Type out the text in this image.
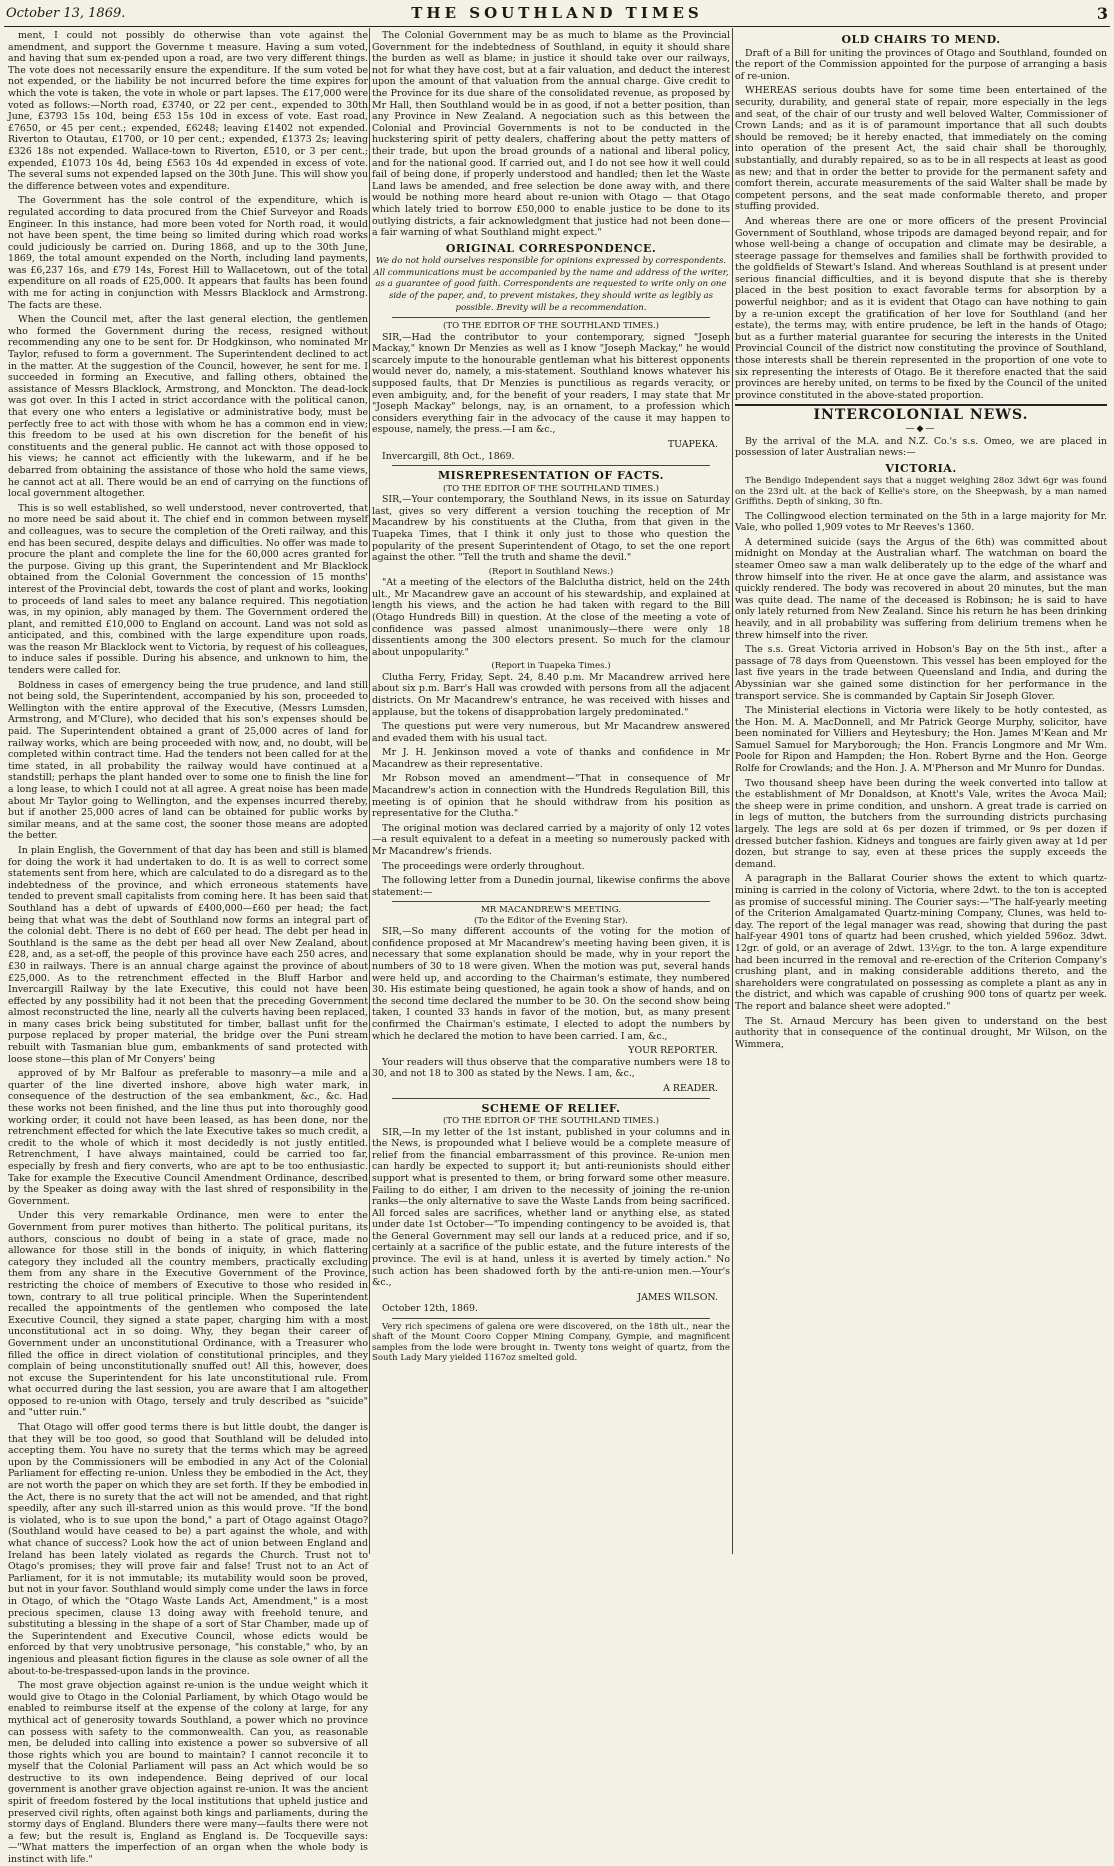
October 13, 1869.	THE SOUTHLAND TIMES	3

ment, I could not possibly do otherwise than vote against the amendment, and support the Governme t measure. Having a sum voted, and having that sum ex-pended upon a road, are two very different things. The vote does not necessarily ensure the expenditure. If the sum voted be not expended, or the liability be not incurred before the time expires for which the vote is taken, the vote in whole or part lapses. The £17,000 were voted as follows:—North road, £3740, or 22 per cent., expended to 30th June, £3793 15s 10d, being £53 15s 10d in excess of vote. East road, £7650, or 45 per cent.; expended, £6248; leaving £1402 not expended. Riverton to Otautau, £1700, or 10 per cent.; expended, £1373 2s; leaving £326 18s not expended. Wallace-town to Riverton, £510, or 3 per cent.; expended, £1073 10s 4d, being £563 10s 4d expended in excess of vote. The several sums not expended lapsed on the 30th June. This will show you the difference between votes and expenditure.

The Government has the sole control of the expenditure, which is regulated according to data procured from the Chief Surveyor and Roads Engineer. In this instance, had more been voted for North road, it would not have been spent, the time being so limited during which road works could judiciously be carried on. During 1868, and up to the 30th June, 1869, the total amount expended on the North, including land payments, was £6,237 16s, and £79 14s, Forest Hill to Wallacetown, out of the total expenditure on all roads of £25,000. It appears that faults has been found with me for acting in conjunction with Messrs Blacklock and Armstrong. The facts are these.

When the Council met, after the last general election, the gentlemen who formed the Government during the recess, resigned without recommending any one to be sent for. Dr Hodgkinson, who nominated Mr Taylor, refused to form a government. The Superintendent declined to act in the matter. At the suggestion of the Council, however, he sent for me. I succeeded in forming an Executive, and falling others, obtained the assistance of Messrs Blacklock, Armstrong, and Monckton. The dead-lock was got over. In this I acted in strict accordance with the political canon, that every one who enters a legislative or administrative body, must be perfectly free to act with those with whom he has a common end in view; this freedom to be used at his own discretion for the benefit of his constituents and the general public. He cannot act with those opposed to his views; he cannot act efficiently with the lukewarm, and if he be debarred from obtaining the assistance of those who hold the same views, he cannot act at all. There would be an end of carrying on the functions of local government altogether.

This is so well established, so well understood, never controverted, that no more need be said about it. The chief end in common between myself and colleagues, was to secure the completion of the Oreti railway, and this end has been secured, despite delays and difficulties. No offer was made to procure the plant and complete the line for the 60,000 acres granted for the purpose. Giving up this grant, the Superintendent and Mr Blacklock obtained from the Colonial Government the concession of 15 months' interest of the Provincial debt, towards the cost of plant and works, looking to proceeds of land sales to meet any balance required. This negotiation was, in my opinion, ably managed by them. The Government ordered the plant, and remitted £10,000 to England on account. Land was not sold as anticipated, and this, combined with the large expenditure upon roads, was the reason Mr Blacklock went to Victoria, by request of his colleagues, to induce sales if possible. During his absence, and unknown to him, the tenders were called for.

Boldness in cases of emergency being the true prudence, and land still not being sold, the Superintendent, accompanied by his son, proceeded to Wellington with the entire approval of the Executive, (Messrs Lumsden, Armstrong, and M'Clure), who decided that his son's expenses should be paid. The Superintendent obtained a grant of 25,000 acres of land for railway works, which are being proceeded with now, and, no doubt, will be completed within contract time. Had the tenders not been called for at the time stated, in all probability the railway would have continued at a standstill; perhaps the plant handed over to some one to finish the line for a long lease, to which I could not at all agree. A great noise has been made about Mr Taylor going to Wellington, and the expenses incurred thereby, but if another 25,000 acres of land can be obtained for public works by similar means, and at the same cost, the sooner those means are adopted the better.

In plain English, the Government of that day has been and still is blamed for doing the work it had undertaken to do. It is as well to correct some statements sent from here, which are calculated to do a disregard as to the indebtedness of the province, and which erroneous statements have tended to prevent small capitalists from coming here. It has been said that Southland has a debt of upwards of £400,000—£60 per head; the fact being that what was the debt of Southland now forms an integral part of the colonial debt. There is no debt of £60 per head. The debt per head in Southland is the same as the debt per head all over New Zealand, about £28, and, as a set-off, the people of this province have each 250 acres, and £30 in railways. There is an annual charge against the province of about £25,000. As to the retrenchment effected in the Bluff Harbor and Invercargill Railway by the late Executive, this could not have been effected by any possibility had it not been that the preceding Government almost reconstructed the line, nearly all the culverts having been replaced, in many cases brick being substituted for timber, ballast unfit for the purpose replaced by proper material, the bridge over the Puni stream rebuilt with Tasmanian blue gum, embankments of sand protected with loose stone—this plan of Mr Conyers' being

approved of by Mr Balfour as preferable to masonry—a mile and a quarter of the line diverted inshore, above high water mark, in consequence of the destruction of the sea embankment, &c., &c. Had these works not been finished, and the line thus put into thoroughly good working order, it could not have been leased, as has been done, nor the retrenchment effected for which the late Executive takes so much credit, a credit to the whole of which it most decidedly is not justly entitled. Retrenchment, I have always maintained, could be carried too far, especially by fresh and fiery converts, who are apt to be too enthusiastic. Take for example the Executive Council Amendment Ordinance, described by the Speaker as doing away with the last shred of responsibility in the Government.

Under this very remarkable Ordinance, men were to enter the Government from purer motives than hitherto. The political puritans, its authors, conscious no doubt of being in a state of grace, made no allowance for those still in the bonds of iniquity, in which flattering category they included all the country members, practically excluding them from any share in the Executive Government of the Province, restricting the choice of members of Executive to those who resided in town, contrary to all true political principle. When the Superintendent recalled the appointments of the gentlemen who composed the late Executive Council, they signed a state paper, charging him with a most unconstitutional act in so doing. Why, they began their career of Government under an unconstitutional Ordinance, with a Treasurer who filled the office in direct violation of constitutional principles, and they complain of being unconstitutionally snuffed out! All this, however, does not excuse the Superintendent for his late unconstitutional rule. From what occurred during the last session, you are aware that I am altogether opposed to re-union with Otago, tersely and truly described as "suicide" and "utter ruin."

That Otago will offer good terms there is but little doubt, the danger is that they will be too good, so good that Southland will be deluded into accepting them. You have no surety that the terms which may be agreed upon by the Commissioners will be embodied in any Act of the Colonial Parliament for effecting re-union. Unless they be embodied in the Act, they are not worth the paper on which they are set forth. If they be embodied in the Act, there is no surety that the act will not be amended, and that right speedily, after any such ill-starred union as this would prove. "If the bond is violated, who is to sue upon the bond," a part of Otago against Otago? (Southland would have ceased to be) a part against the whole, and with what chance of success? Look how the act of union between England and Ireland has been lately violated as regards the Church. Trust not to Otago's promises; they will prove fair and false! Trust not to an Act of Parliament, for it is not immutable; its mutability would soon be proved, but not in your favor. Southland would simply come under the laws in force in Otago, of which the "Otago Waste Lands Act, Amendment," is a most precious specimen, clause 13 doing away with freehold tenure, and substituting a blessing in the shape of a sort of Star Chamber, made up of the Superintendent and Executive Council, whose edicts would be enforced by that very unobtrusive personage, "his constable," who, by an ingenious and pleasant fiction figures in the clause as sole owner of all the about-to-be-trespassed-upon lands in the province.

The most grave objection against re-union is the undue weight which it would give to Otago in the Colonial Parliament, by which Otago would be enabled to reimburse itself at the expense of the colony at large, for any mythical act of generosity towards Southland, a power which no province can possess with safety to the commonwealth. Can you, as reasonable men, be deluded into calling into existence a power so subversive of all those rights which you are bound to maintain? I cannot reconcile it to myself that the Colonial Parliament will pass an Act which would be so destructive to its own independence. Being deprived of our local government is another grave objection against re-union. It was the ancient spirit of freedom fostered by the local institutions that upheld justice and preserved civil rights, often against both kings and parliaments, during the stormy days of England. Blunders there were many—faults there were not a few; but the result is, England as England is. De Tocqueville says:—"What matters the imperfection of an organ when the whole body is instinct with life."

The Colonial Government may be as much to blame as the Provincial Government for the indebtedness of Southland, in equity it should share the burden as well as blame; in justice it should take over our railways, not for what they have cost, but at a fair valuation, and deduct the interest upon the amount of that valuation from the annual charge. Give credit to the Province for its due share of the consolidated revenue, as proposed by Mr Hall, then Southland would be in as good, if not a better position, than any Province in New Zealand. A negociation such as this between the Colonial and Provincial Governments is not to be conducted in the huckstering spirit of petty dealers, chaffering about the petty matters of their trade, but upon the broad grounds of a national and liberal policy, and for the national good. If carried out, and I do not see how it well could fail of being done, if properly understood and handled; then let the Waste Land laws be amended, and free selection be done away with, and there would be nothing more heard about re-union with Otago — that Otago which lately tried to borrow £50,000 to enable justice to be done to its outlying districts, a fair acknowledgment that justice had not been done—a fair warning of what Southland might expect."

ORIGINAL CORRESPONDENCE.
We do not hold ourselves responsible for opinions expressed by correspondents. All communications must be accompanied by the name and address of the writer, as a guarantee of good faith. Correspondents are requested to write only on one side of the paper, and, to prevent mistakes, they should write as legibly as possible. Brevity will be a recommendation.
(TO THE EDITOR OF THE SOUTHLAND TIMES.)

SIR,—Had the contributor to your contemporary, signed "Joseph Mackay," known Dr Menzies as well as I know "Joseph Mackay," he would scarcely impute to the honourable gentleman what his bitterest opponents would never do, namely, a mis-statement. Southland knows whatever his supposed faults, that Dr Menzies is punctilious as regards veracity, or even ambiguity, and, for the benefit of your readers, I may state that Mr "Joseph Mackay" belongs, nay, is an ornament, to a profession which considers everything fair in the advocacy of the cause it may happen to espouse, namely, the press.—I am &c.,

TUAPEKA.

Invercargill, 8th Oct., 1869.

MISREPRESENTATION OF FACTS.
(TO THE EDITOR OF THE SOUTHLAND TIMES.)

SIR,—Your contemporary, the Southland News, in its issue on Saturday last, gives so very different a version touching the reception of Mr Macandrew by his constituents at the Clutha, from that given in the Tuapeka Times, that I think it only just to those who question the popularity of the present Superintendent of Otago, to set the one report against the other. "Tell the truth and shame the devil."

(Report in Southland News.)

"At a meeting of the electors of the Balclutha district, held on the 24th ult., Mr Macandrew gave an account of his stewardship, and explained at length his views, and the action he had taken with regard to the Bill (Otago Hundreds Bill) in question. At the close of the meeting a vote of confidence was passed almost unanimously—there were only 18 dissentients among the 300 electors present. So much for the clamour about unpopularity."

(Report in Tuapeka Times.)

Clutha Ferry, Friday, Sept. 24, 8.40 p.m. Mr Macandrew arrived here about six p.m. Barr's Hall was crowded with persons from all the adjacent districts. On Mr Macandrew's entrance, he was received with hisses and applause, but the tokens of disapprobation largely predominated."

The questions put were very numerous, but Mr Macandrew answered and evaded them with his usual tact.

Mr J. H. Jenkinson moved a vote of thanks and confidence in Mr Macandrew as their representative.

Mr Robson moved an amendment—"That in consequence of Mr Macandrew's action in connection with the Hundreds Regulation Bill, this meeting is of opinion that he should withdraw from his position as representative for the Clutha."

The original motion was declared carried by a majority of only 12 votes—a result equivalent to a defeat in a meeting so numerously packed with Mr Macandrew's friends.

The proceedings were orderly throughout.

The following letter from a Dunedin journal, likewise confirms the above statement:—

MR MACANDREW'S MEETING.
(To the Editor of the Evening Star).

SIR,—So many different accounts of the voting for the motion of confidence proposed at Mr Macandrew's meeting having been given, it is necessary that some explanation should be made, why in your report the numbers of 30 to 18 were given. When the motion was put, several hands were held up, and according to the Chairman's estimate, they numbered 30. His estimate being questioned, he again took a show of hands, and on the second time declared the number to be 30. On the second show being taken, I counted 33 hands in favor of the motion, but, as many present confirmed the Chairman's estimate, I elected to adopt the numbers by which he declared the motion to have been carried. I am, &c.,

YOUR REPORTER.

Your readers will thus observe that the comparative numbers were 18 to 30, and not 18 to 300 as stated by the News. I am, &c.,

A READER.
SCHEME OF RELIEF.
(TO THE EDITOR OF THE SOUTHLAND TIMES.)

SIR,—In my letter of the 1st instant, published in your columns and in the News, is propounded what I believe would be a complete measure of relief from the financial embarrassment of this province. Re-union men can hardly be expected to support it; but anti-reunionists should either support what is presented to them, or bring forward some other measure. Failing to do either, I am driven to the necessity of joining the re-union ranks—the only alternative to save the Waste Lands from being sacrificed. All forced sales are sacrifices, whether land or anything else, as stated under date 1st October—"To impending contingency to be avoided is, that the General Government may sell our lands at a reduced price, and if so, certainly at a sacrifice of the public estate, and the future interests of the province. The evil is at hand, unless it is averted by timely action." No such action has been shadowed forth by the anti-re-union men.—Your's &c.,

JAMES WILSON.

October 12th, 1869.

Very rich specimens of galena ore were discovered, on the 18th ult., near the shaft of the Mount Cooro Copper Mining Company, Gympie, and magnificent samples from the lode were brought in. Twenty tons weight of quartz, from the South Lady Mary yielded 1167oz smelted gold.

OLD CHAIRS TO MEND.

Draft of a Bill for uniting the provinces of Otago and Southland, founded on the report of the Commission appointed for the purpose of arranging a basis of re-union.

WHEREAS serious doubts have for some time been entertained of the security, durability, and general state of repair, more especially in the legs and seat, of the chair of our trusty and well beloved Walter, Commissioner of Crown Lands; and as it is of paramount importance that all such doubts should be removed; be it hereby enacted, that immediately on the coming into operation of the present Act, the said chair shall be thoroughly, substantially, and durably repaired, so as to be in all respects at least as good as new; and that in order the better to provide for the permanent safety and comfort therein, accurate measurements of the said Walter shall be made by competent persons, and the seat made conformable thereto, and proper stuffing provided.

And whereas there are one or more officers of the present Provincial Government of Southland, whose tripods are damaged beyond repair, and for whose well-being a change of occupation and climate may be desirable, a steerage passage for themselves and families shall be forthwith provided to the goldfields of Stewart's Island. And whereas Southland is at present under serious financial difficulties, and it is beyond dispute that she is thereby placed in the best position to exact favorable terms for absorption by a powerful neighbor; and as it is evident that Otago can have nothing to gain by a re-union except the gratification of her love for Southland (and her estate), the terms may, with entire prudence, be left in the hands of Otago; but as a further material guarantee for securing the interests in the United Provincial Council of the district now constituting the province of Southland, those interests shall be therein represented in the proportion of one vote to six representing the interests of Otago. Be it therefore enacted that the said provinces are hereby united, on terms to be fixed by the Council of the united province constituted in the above-stated proportion.

INTERCOLONIAL NEWS.
—◆—

By the arrival of the M.A. and N.Z. Co.'s s.s. Omeo, we are placed in possession of later Australian news:—

VICTORIA.

The Bendigo Independent says that a nugget weighing 28oz 3dwt 6gr was found on the 23rd ult. at the back of Kellie's store, on the Sheepwash, by a man named Griffiths. Depth of sinking, 30 ftn.

The Collingwood election terminated on the 5th in a large majority for Mr. Vale, who polled 1,909 votes to Mr Reeves's 1360.

A determined suicide (says the Argus of the 6th) was committed about midnight on Monday at the Australian wharf. The watchman on board the steamer Omeo saw a man walk deliberately up to the edge of the wharf and throw himself into the river. He at once gave the alarm, and assistance was quickly rendered. The body was recovered in about 20 minutes, but the man was quite dead. The name of the deceased is Robinson; he is said to have only lately returned from New Zealand. Since his return he has been drinking heavily, and in all probability was suffering from delirium tremens when he threw himself into the river.

The s.s. Great Victoria arrived in Hobson's Bay on the 5th inst., after a passage of 78 days from Queenstown. This vessel has been employed for the last five years in the trade between Queensland and India, and during the Abyssinian war she gained some distinction for her performance in the transport service. She is commanded by Captain Sir Joseph Glover.

The Ministerial elections in Victoria were likely to be hotly contested, as the Hon. M. A. MacDonnell, and Mr Patrick George Murphy, solicitor, have been nominated for Villiers and Heytesbury; the Hon. James M'Kean and Mr Samuel Samuel for Maryborough; the Hon. Francis Longmore and Mr Wm. Poole for Ripon and Hampden; the Hon. Robert Byrne and the Hon. George Rolfe for Crowlands; and the Hon. J. A. M'Pherson and Mr Munro for Dundas.

Two thousand sheep have been during the week converted into tallow at the establishment of Mr Donaldson, at Knott's Vale, writes the Avoca Mail; the sheep were in prime condition, and unshorn. A great trade is carried on in legs of mutton, the butchers from the surrounding districts purchasing largely. The legs are sold at 6s per dozen if trimmed, or 9s per dozen if dressed butcher fashion. Kidneys and tongues are fairly given away at 1d per dozen, but strange to say, even at these prices the supply exceeds the demand.

A paragraph in the Ballarat Courier shows the extent to which quartz-mining is carried in the colony of Victoria, where 2dwt. to the ton is accepted as promise of successful mining. The Courier says:—"The half-yearly meeting of the Criterion Amalgamated Quartz-mining Company, Clunes, was held to-day. The report of the legal manager was read, showing that during the past half-year 4901 tons of quartz had been crushed, which yielded 596oz. 3dwt. 12gr. of gold, or an average of 2dwt. 13½gr. to the ton. A large expenditure had been incurred in the removal and re-erection of the Criterion Company's crushing plant, and in making considerable additions thereto, and the shareholders were congratulated on possessing as complete a plant as any in the district, and which was capable of crushing 900 tons of quartz per week. The report and balance sheet were adopted."

The St. Arnaud Mercury has been given to understand on the best authority that in consequence of the continual drought, Mr Wilson, on the Wimmera,
